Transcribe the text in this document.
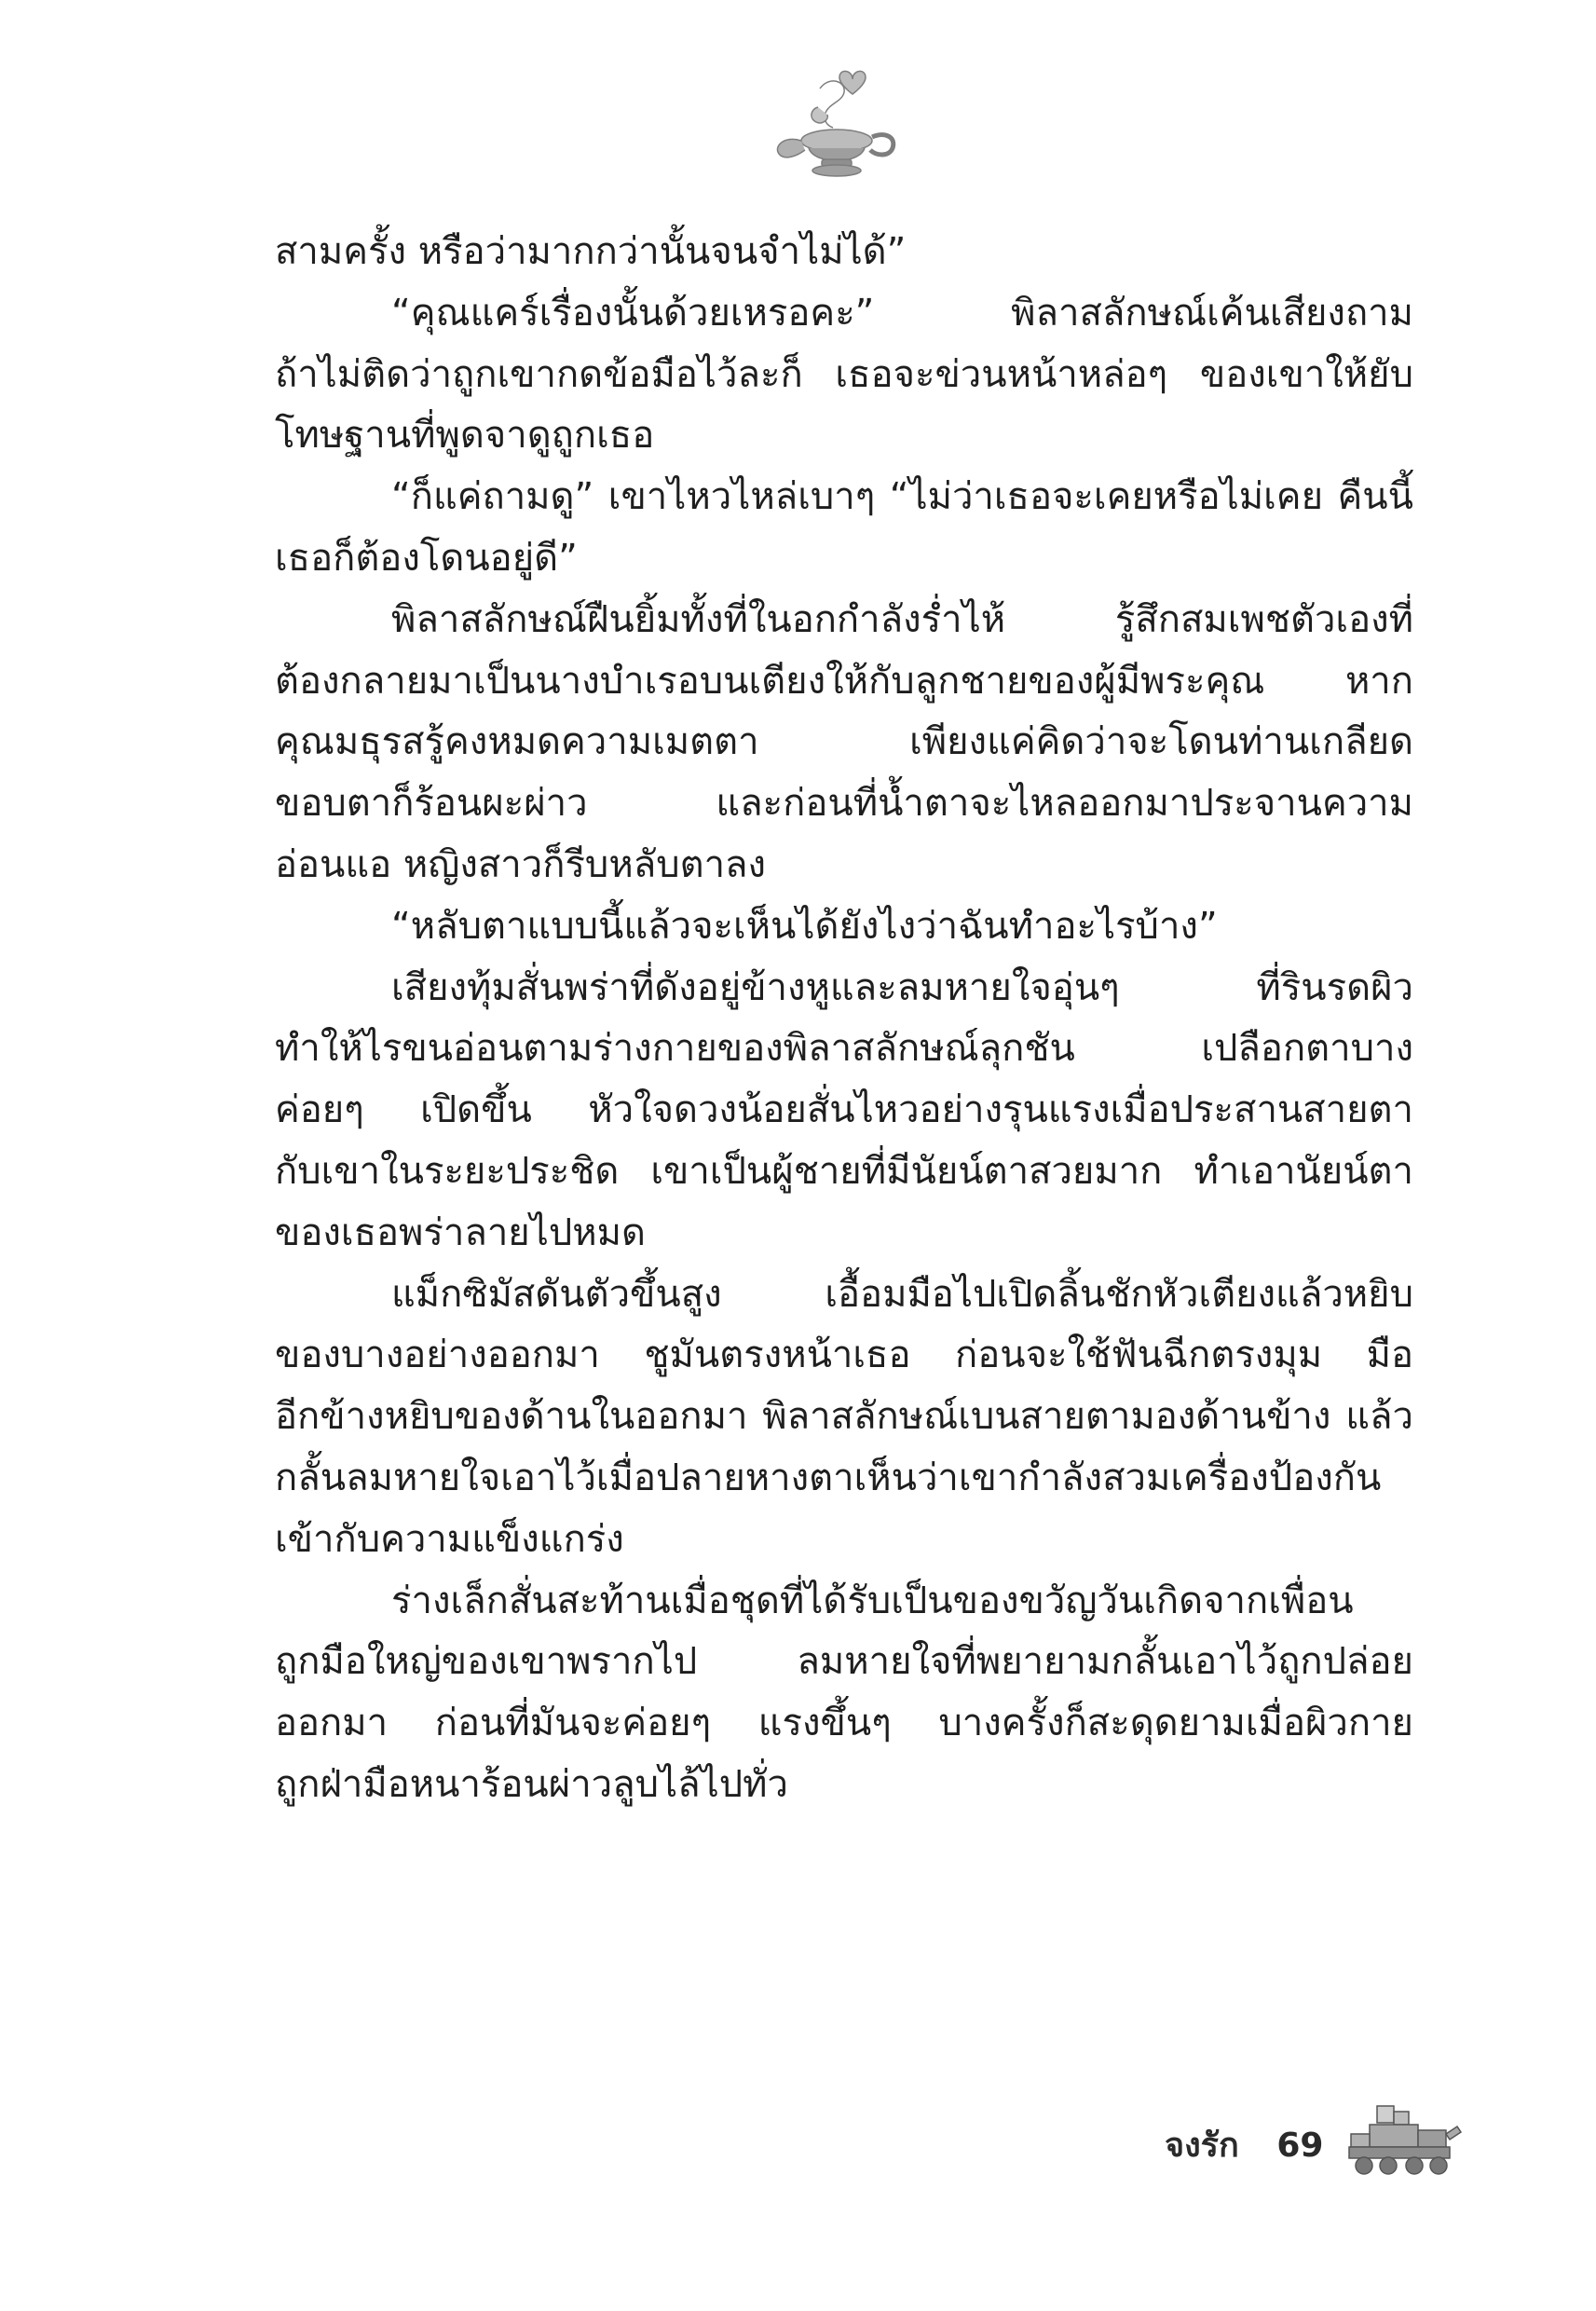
สามครั้ง หรือว่ามากกว่านั้นจนจำไม่ได้”
“คุณแคร์เรื่องนั้นด้วยเหรอคะ” พิลาสลักษณ์เค้นเสียงถาม
ถ้าไม่ติดว่าถูกเขากดข้อมือไว้ละก็ เธอจะข่วนหน้าหล่อๆ ของเขาให้ยับ
โทษฐานที่พูดจาดูถูกเธอ
“ก็แค่ถามดู” เขาไหวไหล่เบาๆ “ไม่ว่าเธอจะเคยหรือไม่เคย คืนนี้
เธอก็ต้องโดนอยู่ดี”
พิลาสลักษณ์ฝืนยิ้มทั้งที่ในอกกำลังร่ำไห้ รู้สึกสมเพชตัวเองที่
ต้องกลายมาเป็นนางบำเรอบนเตียงให้กับลูกชายของผู้มีพระคุณ หาก
คุณมธุรสรู้คงหมดความเมตตา เพียงแค่คิดว่าจะโดนท่านเกลียด
ขอบตาก็ร้อนผะผ่าว และก่อนที่น้ำตาจะไหลออกมาประจานความ
อ่อนแอ หญิงสาวก็รีบหลับตาลง
“หลับตาแบบนี้แล้วจะเห็นได้ยังไงว่าฉันทำอะไรบ้าง”
เสียงทุ้มสั่นพร่าที่ดังอยู่ข้างหูและลมหายใจอุ่นๆ ที่รินรดผิว
ทำให้ไรขนอ่อนตามร่างกายของพิลาสลักษณ์ลุกชัน เปลือกตาบาง
ค่อยๆ เปิดขึ้น หัวใจดวงน้อยสั่นไหวอย่างรุนแรงเมื่อประสานสายตา
กับเขาในระยะประชิด เขาเป็นผู้ชายที่มีนัยน์ตาสวยมาก ทำเอานัยน์ตา
ของเธอพร่าลายไปหมด
แม็กซิมัสดันตัวขึ้นสูง เอื้อมมือไปเปิดลิ้นชักหัวเตียงแล้วหยิบ
ของบางอย่างออกมา ชูมันตรงหน้าเธอ ก่อนจะใช้ฟันฉีกตรงมุม มือ
อีกข้างหยิบของด้านในออกมา พิลาสลักษณ์เบนสายตามองด้านข้าง แล้ว
กลั้นลมหายใจเอาไว้เมื่อปลายหางตาเห็นว่าเขากำลังสวมเครื่องป้องกัน
เข้ากับความแข็งแกร่ง
ร่างเล็กสั่นสะท้านเมื่อชุดที่ได้รับเป็นของขวัญวันเกิดจากเพื่อน
ถูกมือใหญ่ของเขาพรากไป ลมหายใจที่พยายามกลั้นเอาไว้ถูกปล่อย
ออกมา ก่อนที่มันจะค่อยๆ แรงขึ้นๆ บางครั้งก็สะดุดยามเมื่อผิวกาย
ถูกฝ่ามือหนาร้อนผ่าวลูบไล้ไปทั่ว
จงรัก 69
